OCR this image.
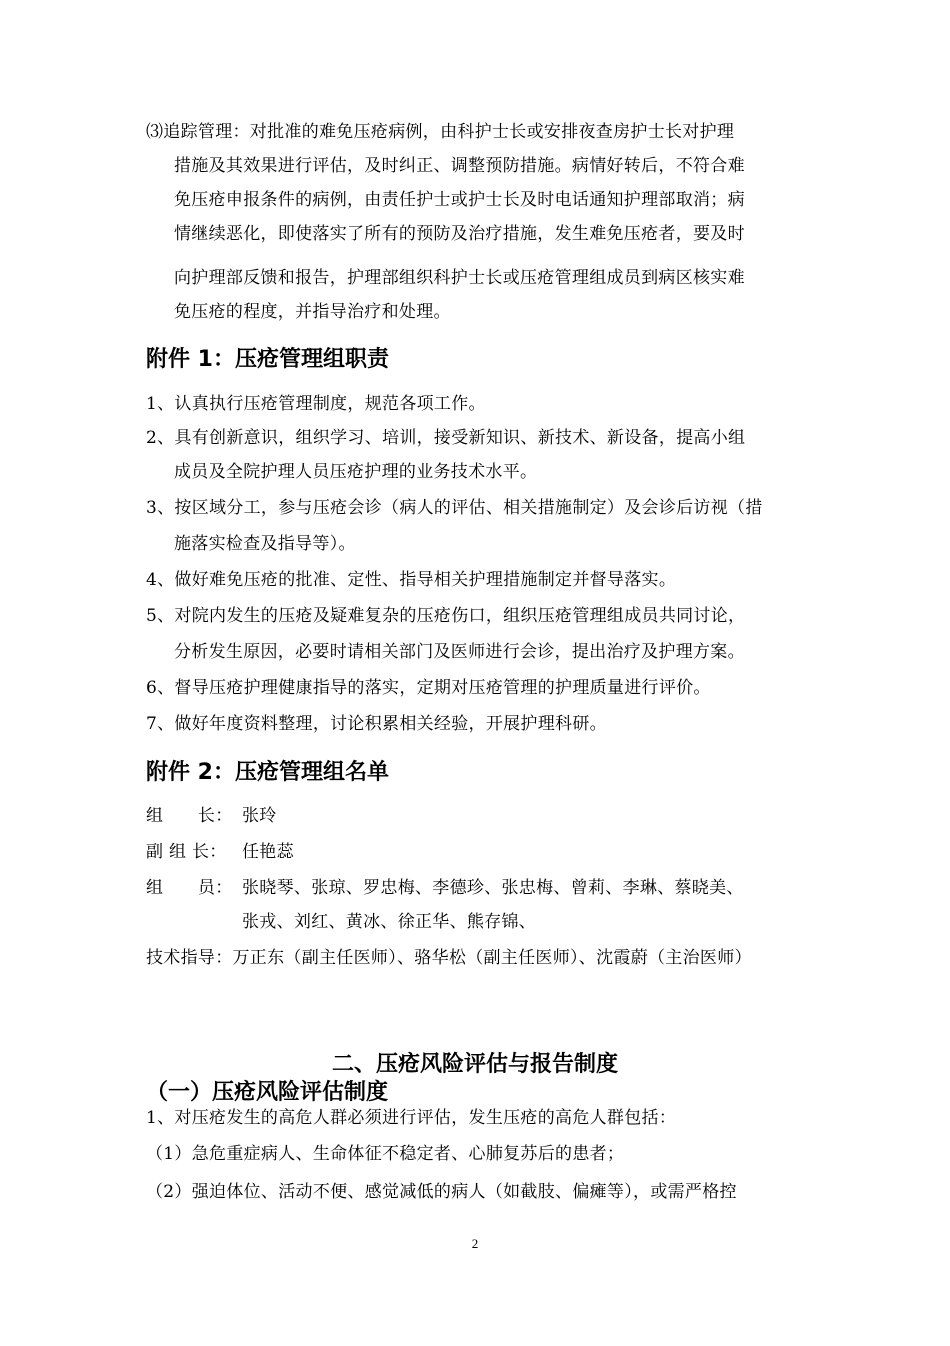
⑶追踪管理：对批准的难免压疮病例，由科护士长或安排夜查房护士长对护理
措施及其效果进行评估，及时纠正、调整预防措施。病情好转后，不符合难
免压疮申报条件的病例，由责任护士或护士长及时电话通知护理部取消；病
情继续恶化，即使落实了所有的预防及治疗措施，发生难免压疮者，要及时
向护理部反馈和报告，护理部组织科护士长或压疮管理组成员到病区核实难
免压疮的程度，并指导治疗和处理。
附件 1：压疮管理组职责
1、认真执行压疮管理制度，规范各项工作。
2、具有创新意识，组织学习、培训，接受新知识、新技术、新设备，提高小组
成员及全院护理人员压疮护理的业务技术水平。
3、按区域分工，参与压疮会诊（病人的评估、相关措施制定）及会诊后访视（措
施落实检查及指导等）。
4、做好难免压疮的批准、定性、指导相关护理措施制定并督导落实。
5、对院内发生的压疮及疑难复杂的压疮伤口，组织压疮管理组成员共同讨论，
分析发生原因，必要时请相关部门及医师进行会诊，提出治疗及护理方案。
6、督导压疮护理健康指导的落实，定期对压疮管理的护理质量进行评价。
7、做好年度资料整理，讨论积累相关经验，开展护理科研。
附件 2：压疮管理组名单
组　　长： 张玲
副 组 长： 任艳蕊
组　　员： 张晓琴、张琼、罗忠梅、李德珍、张忠梅、曾莉、李琳、蔡晓美、
张戎、刘红、黄冰、徐正华、熊存锦、
技术指导：万正东（副主任医师）、骆华松（副主任医师）、沈霞蔚（主治医师）
二、压疮风险评估与报告制度
（一）压疮风险评估制度
1、对压疮发生的高危人群必须进行评估，发生压疮的高危人群包括：
（1）急危重症病人、生命体征不稳定者、心肺复苏后的患者；
（2）强迫体位、活动不便、感觉减低的病人（如截肢、偏瘫等），或需严格控
2
